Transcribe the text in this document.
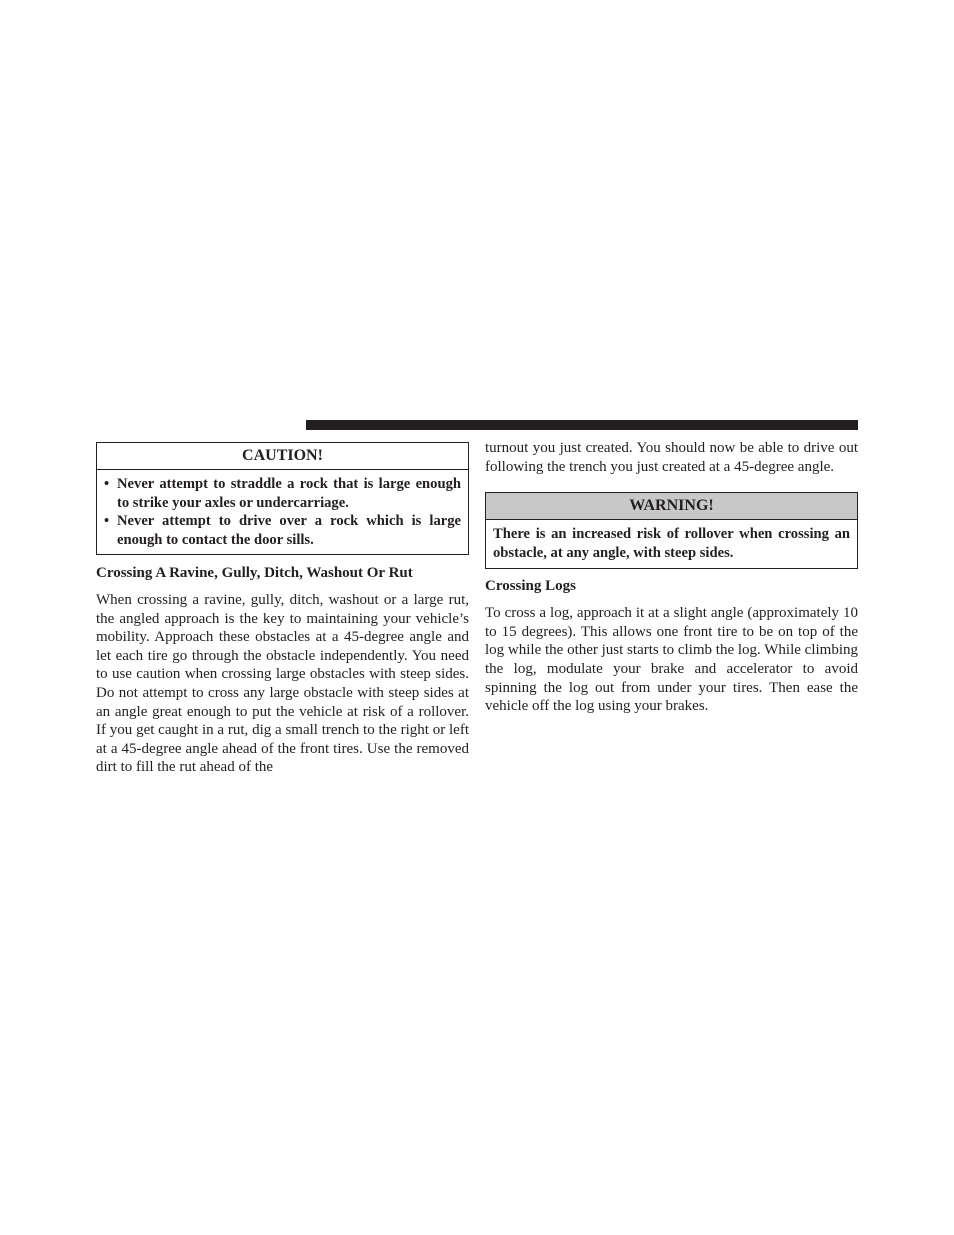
CAUTION!
• Never attempt to straddle a rock that is large enough to strike your axles or undercarriage.
• Never attempt to drive over a rock which is large enough to contact the door sills.
Crossing A Ravine, Gully, Ditch, Washout Or Rut

When crossing a ravine, gully, ditch, washout or a large rut, the angled approach is the key to maintaining your vehicle’s mobility. Approach these obstacles at a 45-degree angle and let each tire go through the obstacle independently. You need to use caution when crossing large obstacles with steep sides. Do not attempt to cross any large obstacle with steep sides at an angle great enough to put the vehicle at risk of a rollover. If you get caught in a rut, dig a small trench to the right or left at a 45-degree angle ahead of the front tires. Use the removed dirt to fill the rut ahead of the

turnout you just created. You should now be able to drive out following the trench you just created at a 45-degree angle.

WARNING!
There is an increased risk of rollover when crossing an obstacle, at any angle, with steep sides.
Crossing Logs

To cross a log, approach it at a slight angle (approximately 10 to 15 degrees). This allows one front tire to be on top of the log while the other just starts to climb the log. While climbing the log, modulate your brake and accelerator to avoid spinning the log out from under your tires. Then ease the vehicle off the log using your brakes.
